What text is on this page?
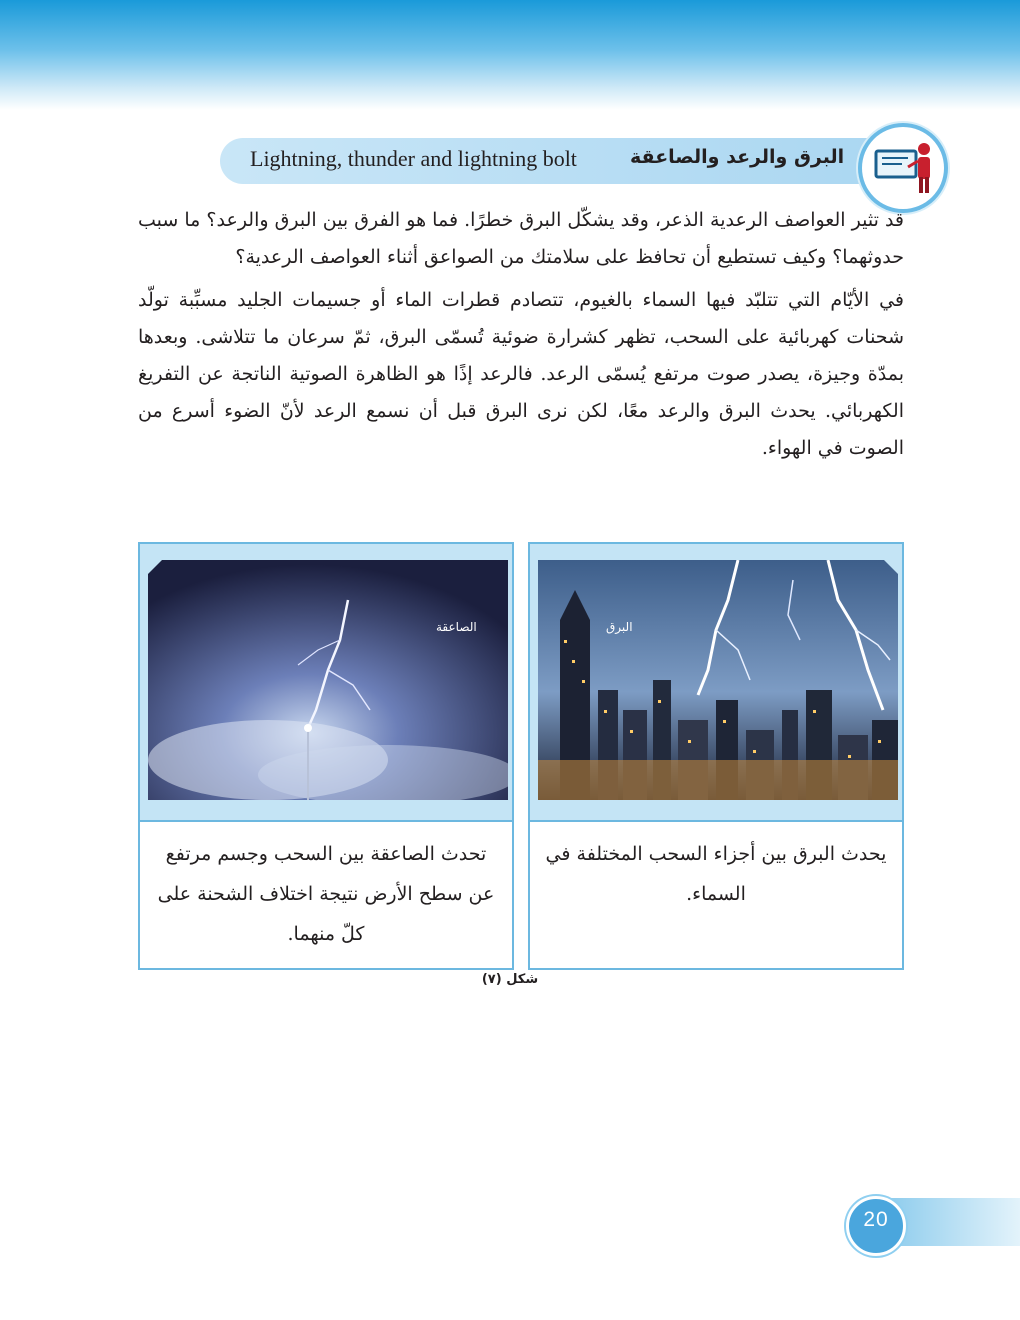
Lightning, thunder and lightning bolt	البرق والرعد والصاعقة

قد تثير العواصف الرعدية الذعر، وقد يشكّل البرق خطرًا. فما هو الفرق بين البرق والرعد؟ ما سبب حدوثهما؟ وكيف تستطيع أن تحافظ على سلامتك من الصواعق أثناء العواصف الرعدية؟

في الأيّام التي تتلبّد فيها السماء بالغيوم، تتصادم قطرات الماء أو جسيمات الجليد مسبِّبة تولّد شحنات كهربائية على السحب، تظهر كشرارة ضوئية تُسمّى البرق، ثمّ سرعان ما تتلاشى. وبعدها بمدّة وجيزة، يصدر صوت مرتفع يُسمّى الرعد. فالرعد إذًا هو الظاهرة الصوتية الناتجة عن التفريغ الكهربائي. يحدث البرق والرعد معًا، لكن نرى البرق قبل أن نسمع الرعد لأنّ الضوء أسرع من الصوت في الهواء.

البرق
يحدث البرق بين أجزاء السحب المختلفة في السماء.
الصاعقة
تحدث الصاعقة بين السحب وجسم مرتفع عن سطح الأرض نتيجة اختلاف الشحنة على كلّ منهما.
(٧) شكل
20
